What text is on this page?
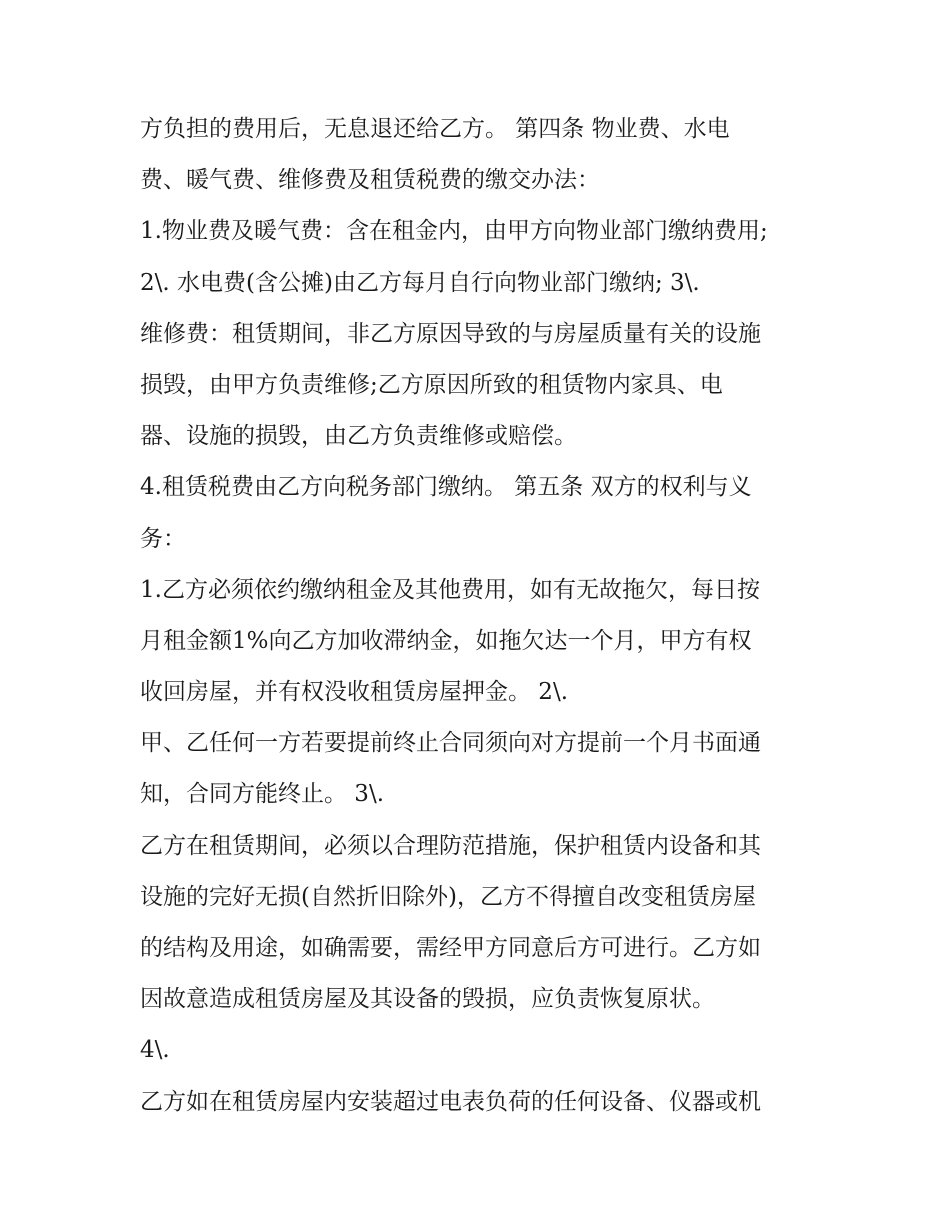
方负担的费用后，无息退还给乙方。 第四条 物业费、水电
费、暖气费、维修费及租赁税费的缴交办法：
1.物业费及暖气费：含在租金内，由甲方向物业部门缴纳费用;
2\. 水电费(含公摊)由乙方每月自行向物业部门缴纳; 3\.
维修费：租赁期间，非乙方原因导致的与房屋质量有关的设施
损毁，由甲方负责维修;乙方原因所致的租赁物内家具、电
器、设施的损毁，由乙方负责维修或赔偿。
4.租赁税费由乙方向税务部门缴纳。 第五条 双方的权利与义
务：
1.乙方必须依约缴纳租金及其他费用，如有无故拖欠，每日按
月租金额1%向乙方加收滞纳金，如拖欠达一个月，甲方有权
收回房屋，并有权没收租赁房屋押金。 2\.
甲、乙任何一方若要提前终止合同须向对方提前一个月书面通
知，合同方能终止。 3\.
乙方在租赁期间，必须以合理防范措施，保护租赁内设备和其
设施的完好无损(自然折旧除外)，乙方不得擅自改变租赁房屋
的结构及用途，如确需要，需经甲方同意后方可进行。乙方如
因故意造成租赁房屋及其设备的毁损，应负责恢复原状。
4\.
乙方如在租赁房屋内安装超过电表负荷的任何设备、仪器或机
